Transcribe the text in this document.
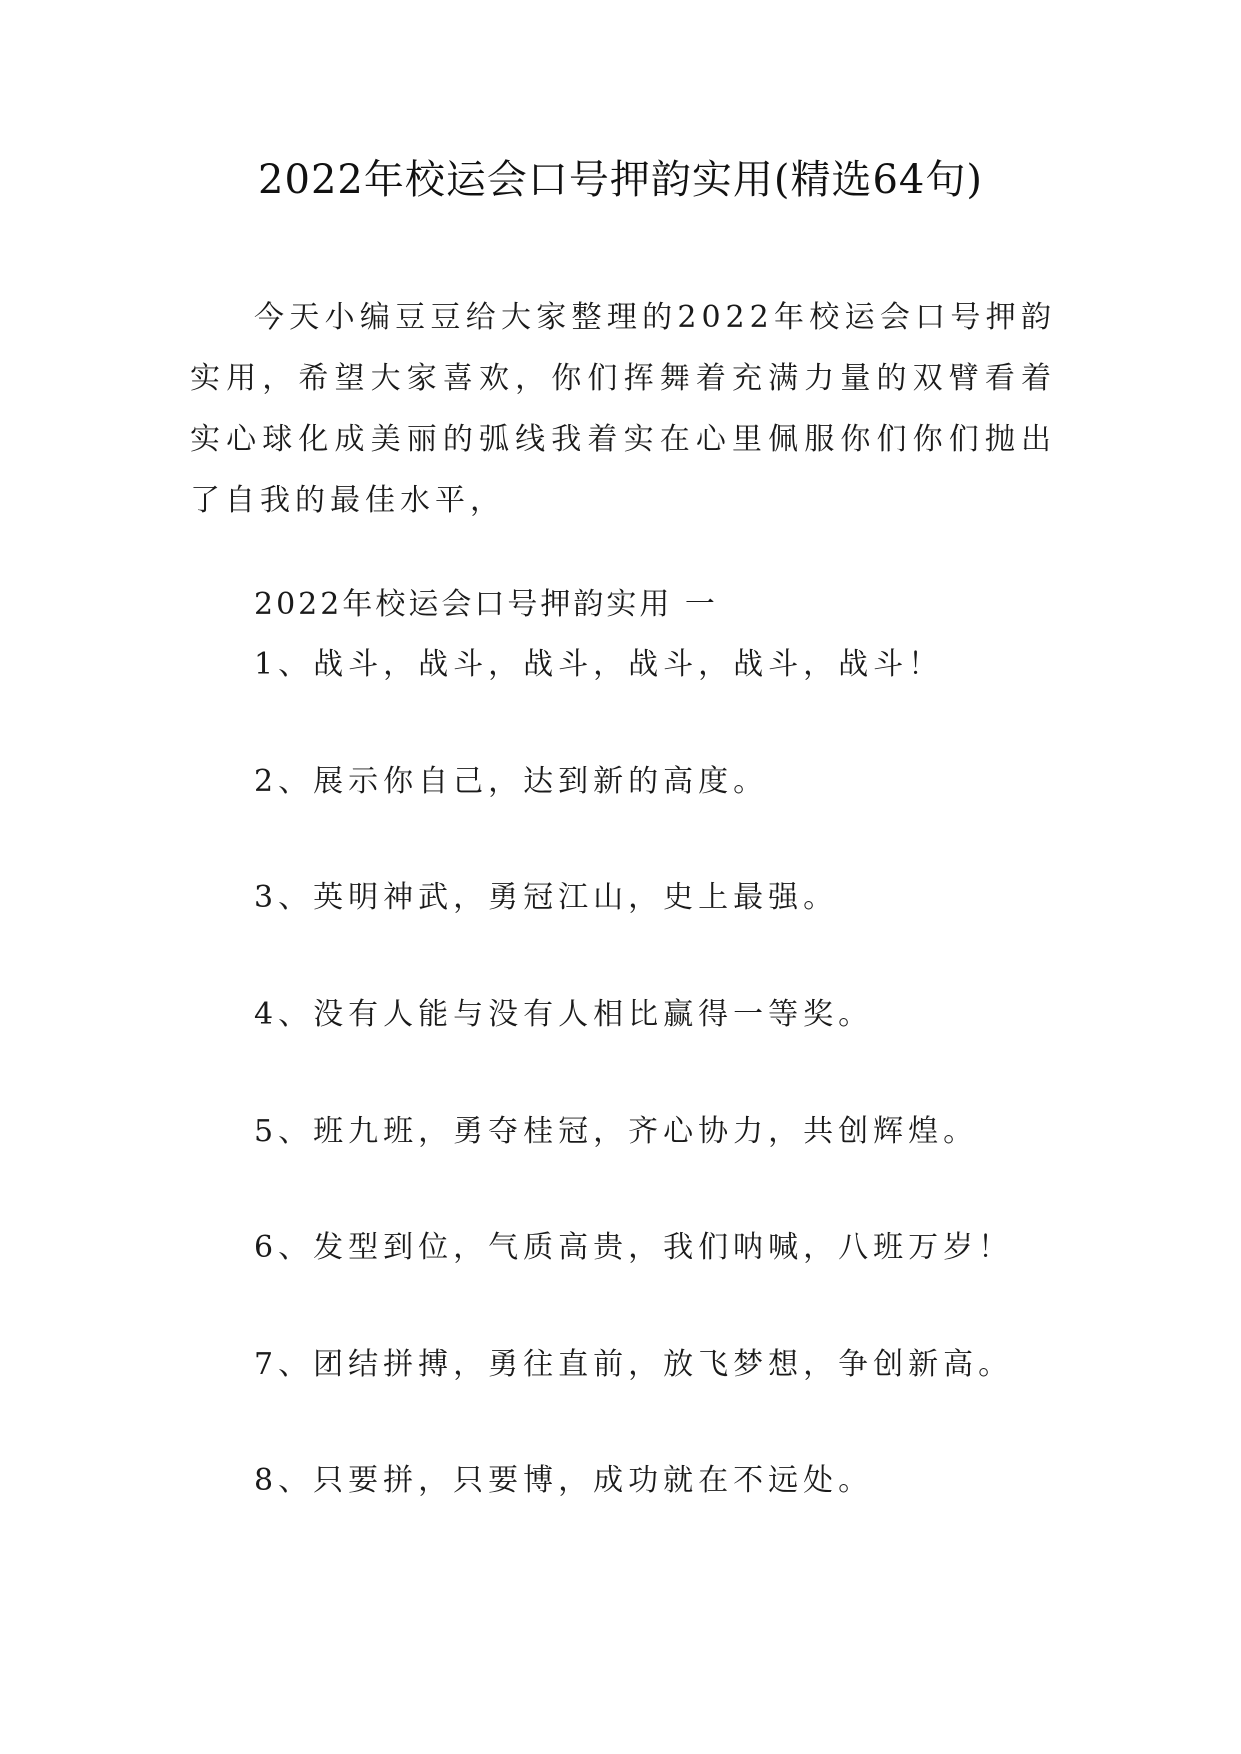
2022年校运会口号押韵实用(精选64句)

今天小编豆豆给大家整理的2022年校运会口号押韵实用，希望大家喜欢，你们挥舞着充满力量的双臂看着实心球化成美丽的弧线我着实在心里佩服你们你们抛出了自我的最佳水平，

2022年校运会口号押韵实用 一

1、战斗，战斗，战斗，战斗，战斗，战斗！

2、展示你自己，达到新的高度。

3、英明神武，勇冠江山，史上最强。

4、没有人能与没有人相比赢得一等奖。

5、班九班，勇夺桂冠，齐心协力，共创辉煌。

6、发型到位，气质高贵，我们呐喊，八班万岁！

7、团结拼搏，勇往直前，放飞梦想，争创新高。

8、只要拼，只要博，成功就在不远处。
